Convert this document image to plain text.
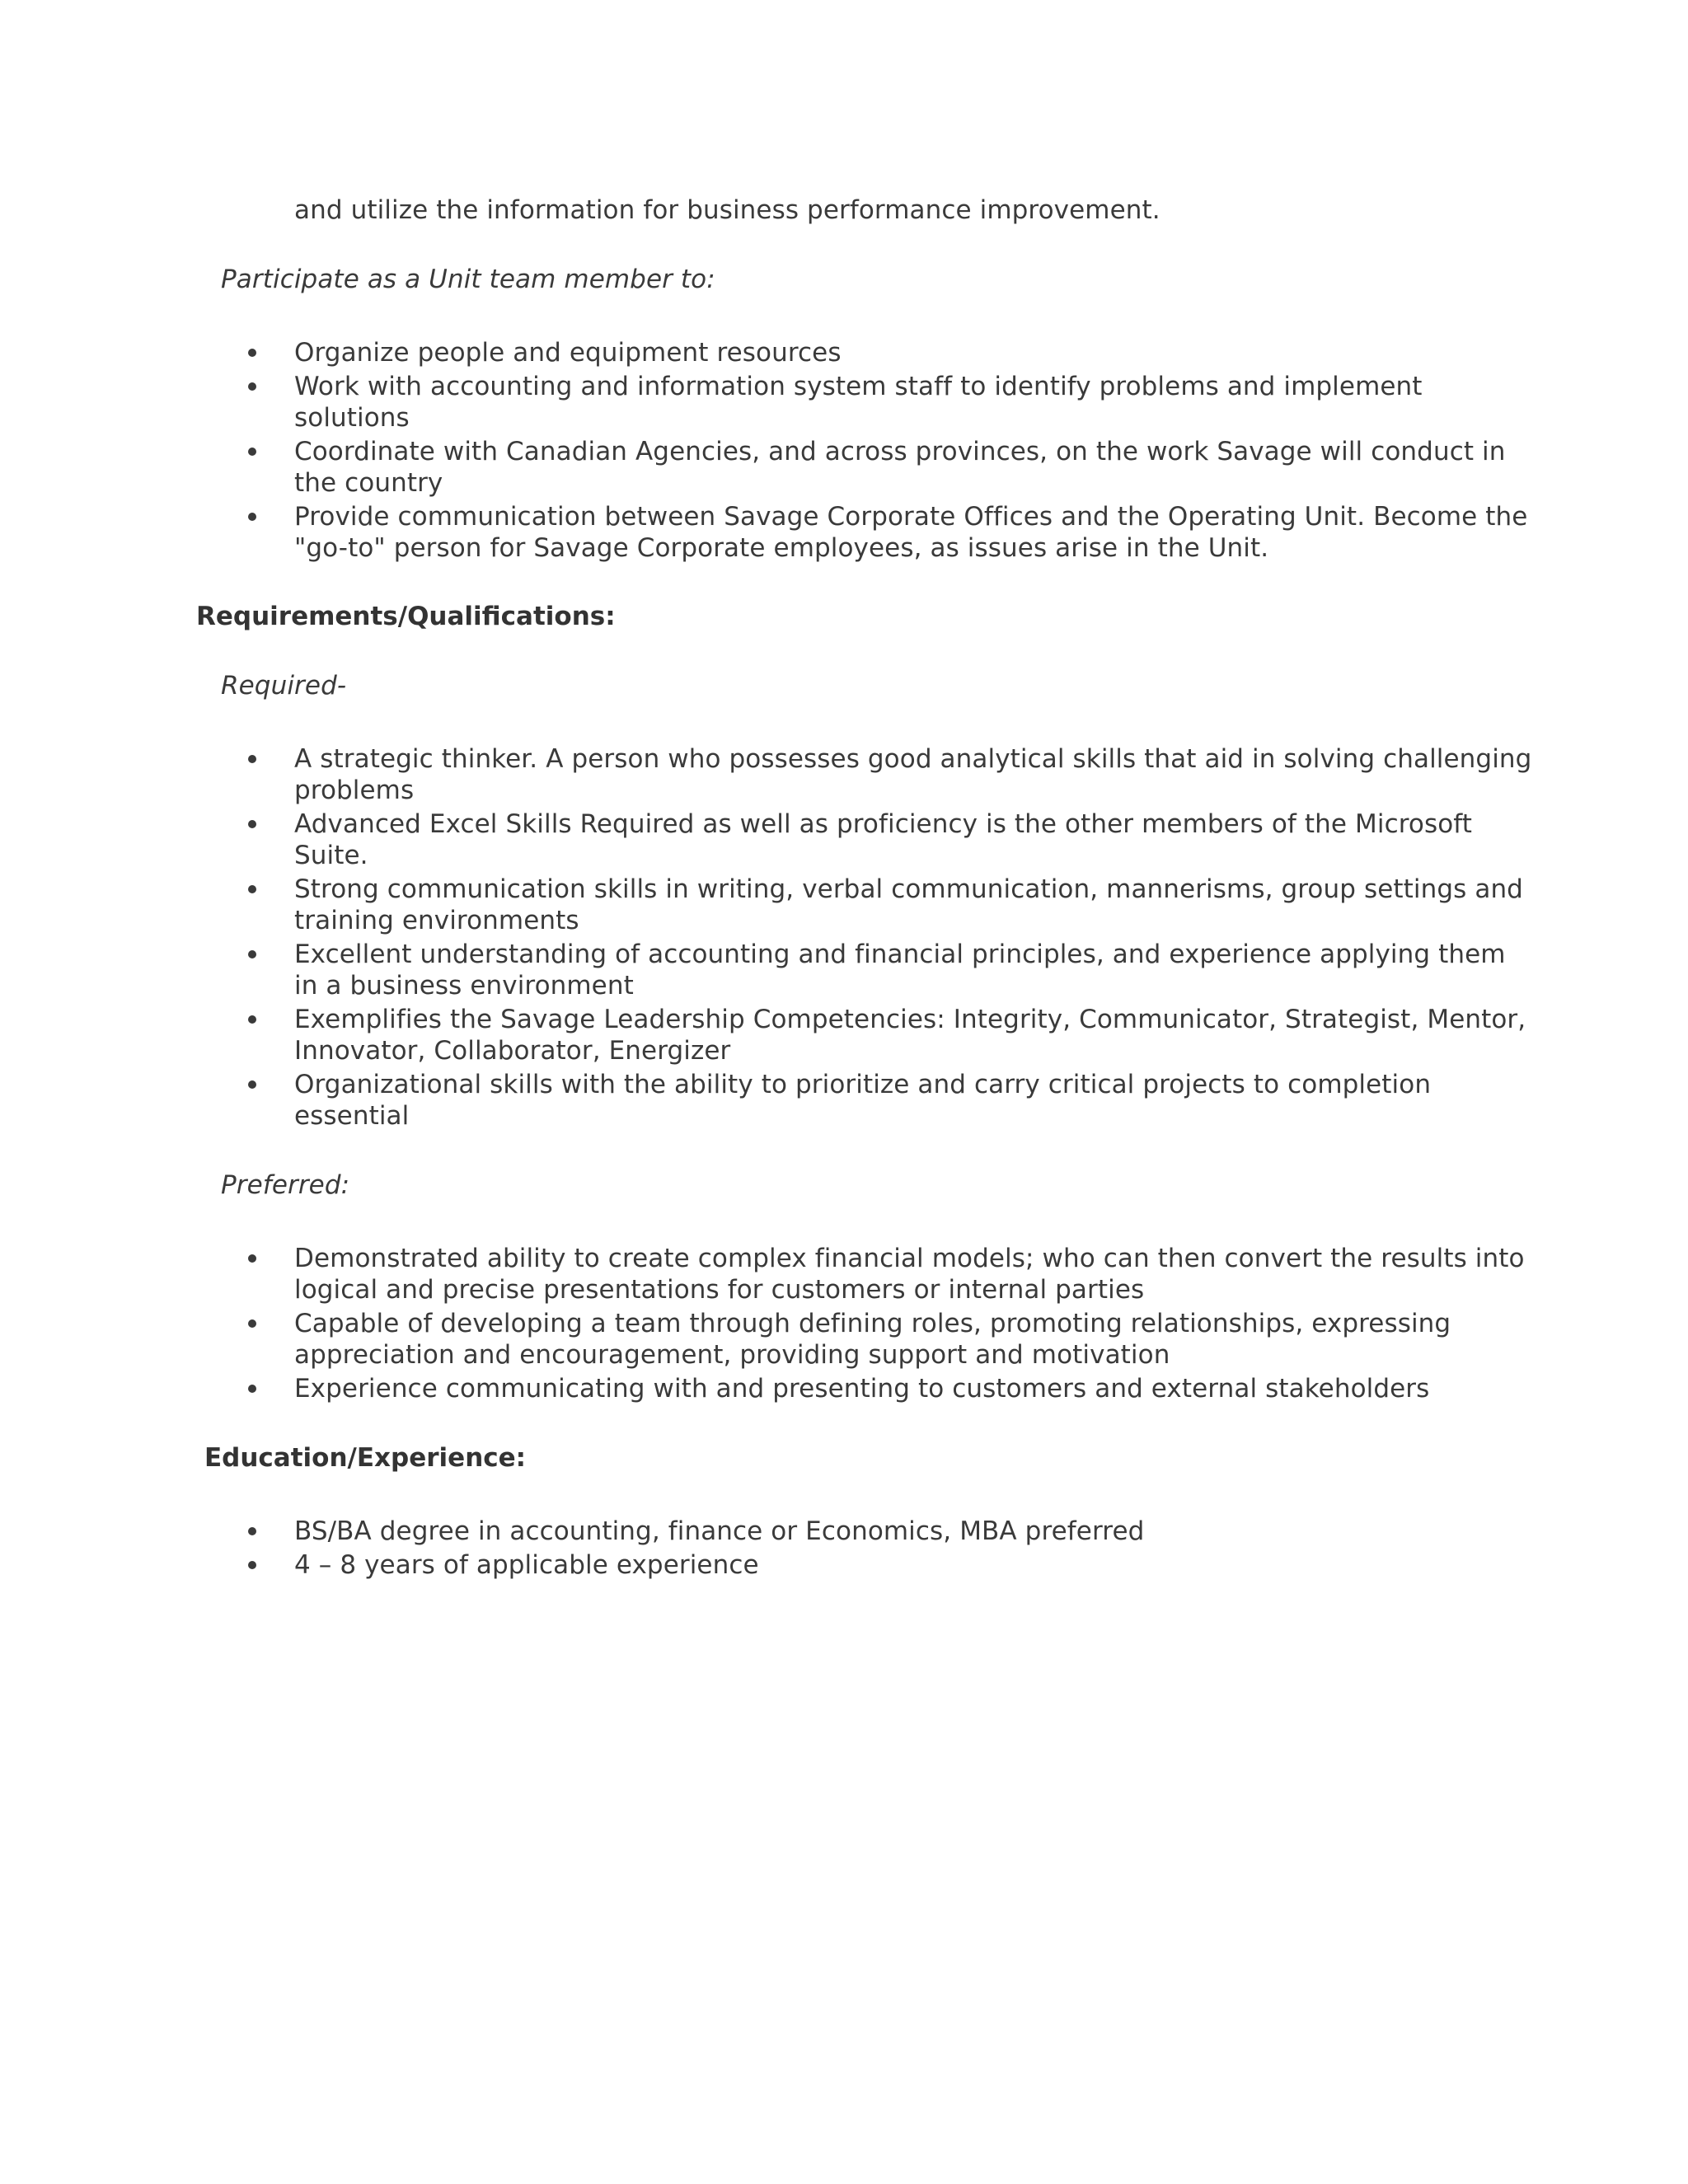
and utilize the information for business performance improvement.
Participate as a Unit team member to:
Requirements/Qualifications:
Required-
Preferred:
Education/Experience:
Organize people and equipment resources
Work with accounting and information system staff to identify problems and implement
solutions
Coordinate with Canadian Agencies, and across provinces, on the work Savage will conduct in
the country
Provide communication between Savage Corporate Offices and the Operating Unit. Become the
"go-to" person for Savage Corporate employees, as issues arise in the Unit.
A strategic thinker. A person who possesses good analytical skills that aid in solving challenging
problems
Advanced Excel Skills Required as well as proficiency is the other members of the Microsoft
Suite.
Strong communication skills in writing, verbal communication, mannerisms, group settings and
training environments
Excellent understanding of accounting and financial principles, and experience applying them
in a business environment
Exemplifies the Savage Leadership Competencies: Integrity, Communicator, Strategist, Mentor,
Innovator, Collaborator, Energizer
Organizational skills with the ability to prioritize and carry critical projects to completion
essential
Demonstrated ability to create complex financial models; who can then convert the results into
logical and precise presentations for customers or internal parties
Capable of developing a team through defining roles, promoting relationships, expressing
appreciation and encouragement, providing support and motivation
Experience communicating with and presenting to customers and external stakeholders
BS/BA degree in accounting, finance or Economics, MBA preferred
4 – 8 years of applicable experience
